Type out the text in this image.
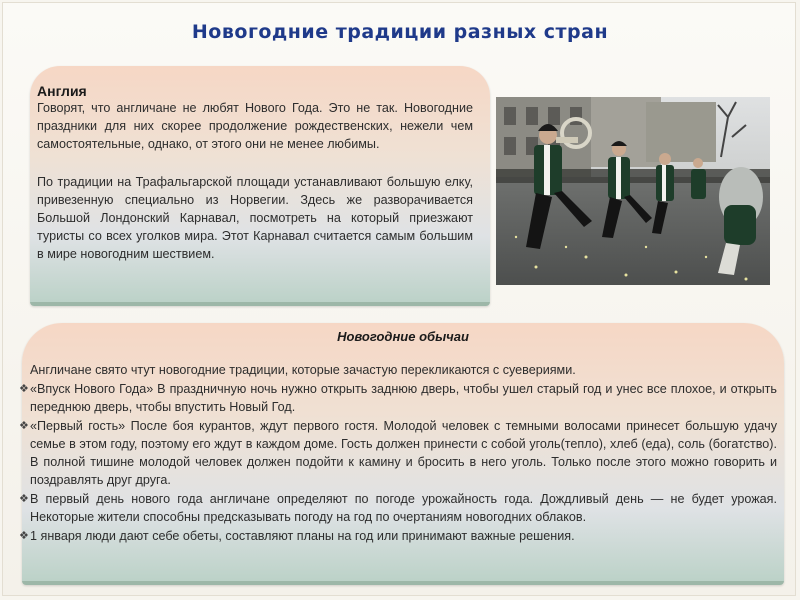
Новогодние традиции разных стран
Англия

Говорят, что англичане не любят Нового Года. Это не так. Новогодние праздники для них скорее продолжение рождественских, нежели чем самостоятельные, однако, от этого они не менее любимы.

По традиции на Трафальгарской площади устанавливают большую елку, привезенную специально из Норвегии. Здесь же разворачивается Большой Лондонский Карнавал, посмотреть на который приезжают туристы со всех уголков мира. Этот Карнавал считается самым большим в мире новогодним шествием.

Новогодние обычаи

Англичане свято чтут новогодние традиции, которые зачастую перекликаются с суевериями.

❖ «Впуск Нового Года» В праздничную ночь нужно открыть заднюю дверь, чтобы ушел старый год и унес все плохое, и открыть переднюю дверь, чтобы впустить Новый Год.
❖ «Первый гость» После боя курантов, ждут первого гостя. Молодой человек с темными волосами принесет большую удачу семье в этом году, поэтому его ждут в каждом доме. Гость должен принести с собой уголь(тепло), хлеб (еда), соль (богатство). В полной тишине молодой человек должен подойти к камину и бросить в него уголь. Только после этого можно говорить и поздравлять друг друга.
❖ В первый день нового года англичане определяют по погоде урожайность года. Дождливый день — не будет урожая. Некоторые жители способны предсказывать погоду на год по очертаниям новогодних облаков.
❖ 1 января люди дают себе обеты, составляют планы на год или принимают важные решения.
